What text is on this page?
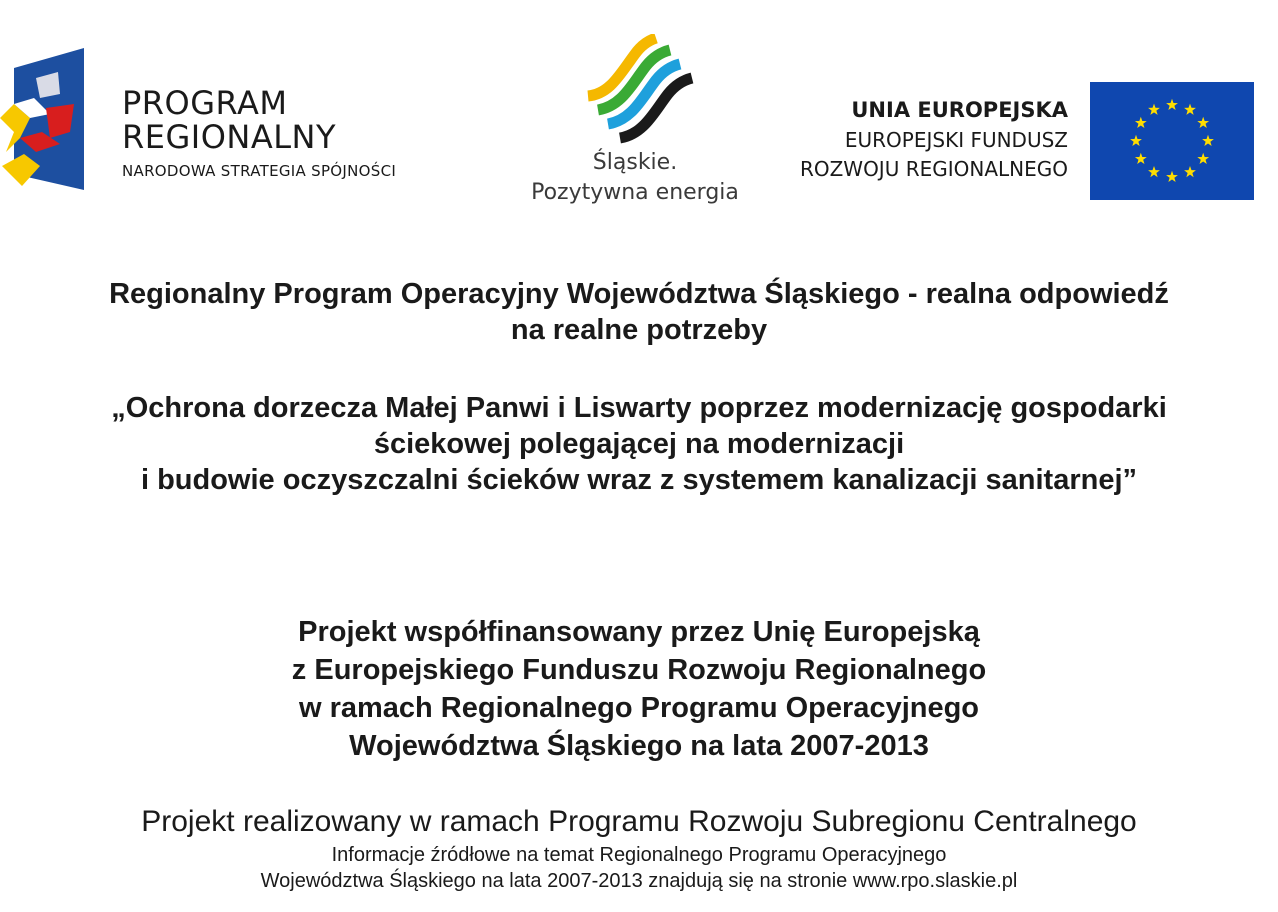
PROGRAM
REGIONALNY
NARODOWA STRATEGIA SPÓJNOŚCI	Śląskie.
Pozytywna energia
UNIA EUROPEJSKA
EUROPEJSKI FUNDUSZ
ROZWOJU REGIONALNEGO
Regionalny Program Operacyjny Województwa Śląskiego - realna odpowiedź
na realne potrzeby
„Ochrona dorzecza Małej Panwi i Liswarty poprzez modernizację gospodarki
ściekowej polegającej na modernizacji
i budowie oczyszczalni ścieków wraz z systemem kanalizacji sanitarnej”
Projekt współfinansowany przez Unię Europejską
z Europejskiego Funduszu Rozwoju Regionalnego
w ramach Regionalnego Programu Operacyjnego
Województwa Śląskiego na lata 2007-2013
Projekt realizowany w ramach Programu Rozwoju Subregionu Centralnego
Informacje źródłowe na temat Regionalnego Programu Operacyjnego
Województwa Śląskiego na lata 2007-2013 znajdują się na stronie www.rpo.slaskie.pl
